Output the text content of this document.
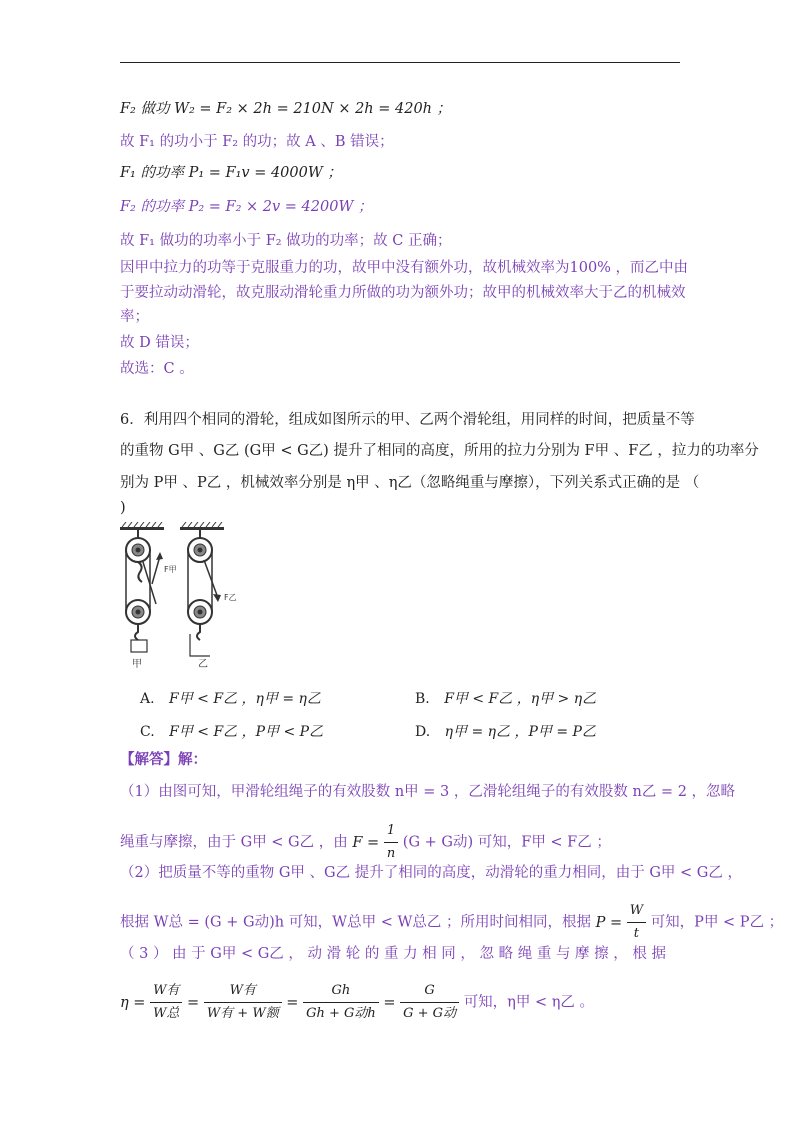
F₂ 做功 W₂ = F₂ × 2h = 210N × 2h = 420h ；
故 F₁ 的功小于 F₂ 的功；故 A 、B 错误；
F₁ 的功率 P₁ = F₁v = 4000W ；
F₂ 的功率 P₂ = F₂ × 2v = 4200W ；
故 F₁ 做功的功率小于 F₂ 做功的功率；故 C 正确；
因甲中拉力的功等于克服重力的功，故甲中没有额外功，故机械效率为100% ，而乙中由
于要拉动动滑轮，故克服动滑轮重力所做的功为额外功；故甲的机械效率大于乙的机械效
率；
故 D 错误；
故选：C 。
6．利用四个相同的滑轮，组成如图所示的甲、乙两个滑轮组，用同样的时间，把质量不等
的重物 G甲 、G乙 (G甲 < G乙) 提升了相同的高度，所用的拉力分别为 F甲 、F乙 ，拉力的功率分
别为 P甲 、P乙 ，机械效率分别是 η甲 、η乙（忽略绳重与摩擦），下列关系式正确的是 （
)
F甲
F乙
甲	乙
A. F甲 < F乙 ，η甲 = η乙	B. F甲 < F乙 ，η甲 > η乙
C. F甲 < F乙 ，P甲 < P乙	D. η甲 = η乙 ，P甲 = P乙
【解答】解：
（1）由图可知，甲滑轮组绳子的有效股数 n甲 = 3 ，乙滑轮组绳子的有效股数 n乙 = 2 ，忽略
绳重与摩擦，由于 G甲 < G乙 ，由 $F = \frac{1}{n} (G + G$动) 可知，F甲 < F乙 ；
（2）把质量不等的重物 G甲 、G乙 提升了相同的高度，动滑轮的重力相同，由于 G甲 < G乙 ，
根据 W总 = (G + G动)h 可知，W总甲 < W总乙 ；所用时间相同，根据 $P = \frac{W}{t}$ 可知，P甲 < P乙 ；
（ 3 ） 由 于 G甲 < G乙 ， 动 滑 轮 的 重 力 相 同 ， 忽 略 绳 重 与 摩 擦 ， 根 据
$\eta = \frac{\text{W有}}{\text{W总}} = \frac{\text{W有}}{\text{W有 + W额}} = \frac{Gh}{\text{Gh + G动h}} = \frac{G}{\text{G + G动}}$ 可知，η甲 < η乙 。
